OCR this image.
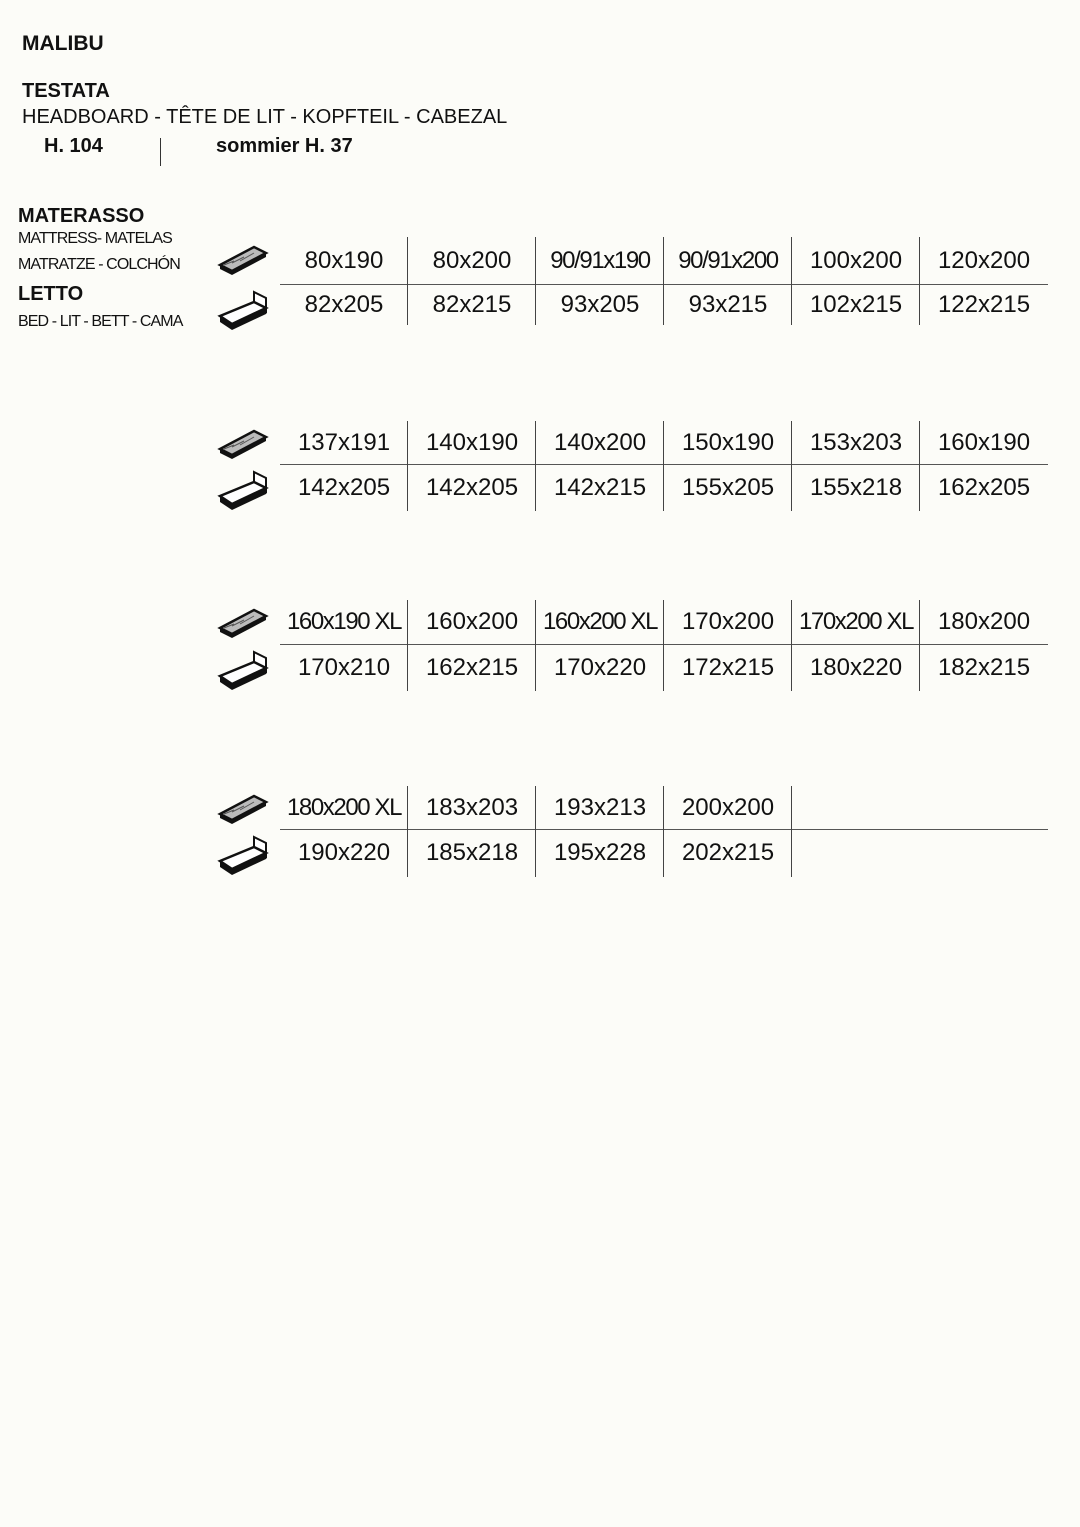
MALIBU
TESTATA
HEADBOARD - TÊTE DE LIT - KOPFTEIL - CABEZAL
H. 104	sommier H. 37
MATERASSO
MATTRESS- MATELAS
MATRATZE - COLCHÓN
LETTO
BED - LIT - BETT - CAMA
80x190	80x200	90/91x190	90/91x200	100x200	120x200
82x205	82x215	93x205	93x215	102x215	122x215
137x191	140x190	140x200	150x190	153x203	160x190
142x205	142x205	142x215	155x205	155x218	162x205
160x190 XL	160x200	160x200 XL	170x200	170x200 XL	180x200
170x210	162x215	170x220	172x215	180x220	182x215
180x200 XL	183x203	193x213	200x200
190x220	185x218	195x228	202x215
